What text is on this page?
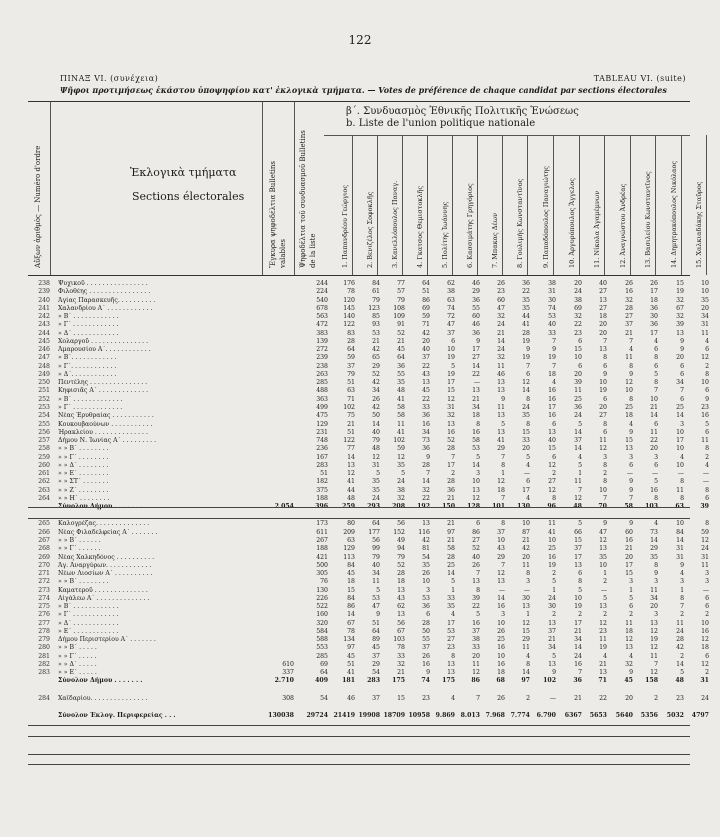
122
ΠΙΝΑΞ VI. (συνέχεια)	TABLEAU VI. (suite)
Ψῆφοι προτιμήσεως ἑκάστου ὑποψηφίου κατ' ἐκλογικὰ τμήματα. — Votes de préférence de chaque candidat par sections électorales
Αὔξων ἀριθμὸς — Numéro d'ordre	Ἐκλογικὰ τμήματα
Sections électorales	Ἔγκυρα ψηφοδέλτια Bulletins valables Ψηφοδέλτια τοῦ συνδυασμοῦ Bulletins de la liste
β΄. Συνδυασμὸς Ἐθνικῆς Πολιτικῆς Ἑνώσεως
b. Liste de l'union politique nationale
1. Παπανδρέου Γεώργιος	2. Βενιζέλος Σοφοκλῆς	3. Κανελλόπουλος Παναγ.	4. Γκατσος Θεμιστοκλῆς	5. Πολίτης Ἰωάννης	6. Κασσιμάτης Γρηγόριος	7. Μπακας Δέων	8. Γουλιμής Κωνσταντῖνος	9. Παπαδόπουλος Παναγιώτης	10. Ἀργυρόπουλος Ἄγγελος	11. Νίκολα Ἀγαμέμνων	12. Ἀναγνώστου Ἀνδρέας	13. Βασιλείου Κωνσταντῖνος	14. Δημητρακόπουλος Νικόλαος	15. Χαλκιαδάκης Σταῦρος
238 Ψυχικοῦ . . . . . . . . . . . . . . . .	244	176	84	77	64	62	46	26	36	38	20	40	26	26	15	10
239 Φιλοθέης . . . . . . . . . . . . . . . .	224	78	61	57	51	38	29	23	22	31	24	27	16	17	19	10
240 Ἁγίας Παρασκευῆς. . . . . . . . . .	540	120	79	79	86	63	36	60	35	30	38	13	32	18	32	35
241 Χαλανδρίου Α΄ . . . . . . . . . . . .	678	145	123	108	69	74	55	47	35	74	69	27	28	36	67	20
242 » Β΄ . . . . . . . . . . . .	563	140	85	109	59	72	60	32	44	53	32	18	27	30	32	34
243 » Γ΄ . . . . . . . . . . . .	472	122	93	91	71	47	46	24	41	40	22	20	37	36	39	31
244 » Δ΄ . . . . . . . . . . . .	383	83	53	52	42	37	36	21	28	33	23	20	21	17	13	11
245 Χολαργοῦ . . . . . . . . . . . . . . .	139	28	21	21	20	6	9	14	19	7	6	7	7	4	9	4
246 Ἀμαρουσίου Α΄. . . . . . . . . . . .	272	64	42	45	40	10	17	24	9	9	15	13	4	6	9	6
247 » Β΄. . . . . . . . . . . .	239	59	65	64	37	19	27	32	19	19	10	8	11	8	20	12
248 » Γ΄. . . . . . . . . . . .	238	37	29	36	22	5	14	11	7	7	6	6	8	6	6	2
249 » Δ΄. . . . . . . . . . . .	263	79	52	55	43	19	22	46	6	18	20	9	9	5	6	8
250 Πεντέλης . . . . . . . . . . . . . . .	285	51	42	35	13	17	—	13	12	4	39	10	12	8	34	10
251 Κηφισιᾶς Α΄ . . . . . . . . . . . . .	488	63	34	48	45	15	13	13	14	16	11	19	10	7	7	6
252 » Β΄ . . . . . . . . . . . . .	363	71	26	41	22	12	21	9	8	16	25	6	8	10	6	9
253 » Γ΄ . . . . . . . . . . . . .	499	102	42	58	33	31	34	11	24	17	36	20	25	21	25	23
254 Νέας Ἐρυθραίας . . . . . . . . . . .	475	75	50	58	36	32	18	13	35	16	24	27	18	14	14	16
255 Κουκουβαούνων . . . . . . . . . . .	129	21	14	11	16	13	8	5	8	6	5	8	4	6	3	5
256 Ἡρακλείου . . . . . . . . . . . . . .	231	51	40	41	34	16	16	13	15	13	14	6	9	11	10	6
257 Δήμου Ν. Ἰωνίας Α΄ . . . . . . . . .	748	122	79	102	73	52	58	41	33	40	37	11	15	22	17	11
258 » » Β΄ . . . . . . . .	236	77	48	59	36	28	53	29	20	15	14	12	13	20	10	8
259 » » Γ΄ . . . . . . . .	167	14	12	12	9	7	5	7	5	6	4	3	3	3	4	2
260 » » Δ΄ . . . . . . . .	283	13	31	35	28	17	14	8	4	12	5	8	6	6	10	4
261 » » Ε΄ . . . . . . . .	51	12	5	5	7	2	3	1	—	2	1	2	—	—	—	—
262 » » ΣΤ΄ . . . . . . .	182	41	35	24	14	28	10	12	6	27	11	8	9	5	8	—
263 » » Ζ΄ . . . . . . . .	375	44	35	38	32	36	13	18	17	12	7	10	9	16	11	8
264 » » Η΄ . . . . . . . .	188	48	24	32	22	21	12	7	4	8	12	7	7	8	8	6
Σύνολον Δήμου . . . . . . .	2.054	396	259	293	208	192	150	128	101	130	96	48	70	58	103	63	39
265 Καλογρέζας. . . . . . . . . . . . . .	173	80	64	56	13	21	6	8	10	11	5	9	9	4	10	8
266 Νέας Φιλαδελφείας Α΄ . . . . . . .	611	209	177	152	116	97	86	37	87	41	66	47	60	73	84	59
267 » » Β΄ . . . . . .	267	63	56	49	42	21	27	10	21	10	15	12	16	14	14	12
268 » » Γ΄ . . . . . .	188	129	99	94	81	58	52	43	42	25	37	13	21	29	31	24
269 Νέας Χαλκηδόνος . . . . . . . . . .	421	113	79	79	54	28	40	29	20	16	17	35	20	35	31	31
270 Ἁγ. Ἀναργύρων. . . . . . . . . . . .	500	84	40	52	35	25	26	7	11	19	13	10	17	8	9	11
271 Νέων Λιοσίων Α΄ . . . . . . . . . .	305	45	34	28	26	14	7	12	8	2	6	1	15	9	4	3
272 » » Β΄ . . . . . . . .	76	18	11	18	10	5	13	13	3	5	8	2	3	3	3	3
273 Καματεροῦ . . . . . . . . . . . . . .	130	15	5	13	3	1	8	—	—	1	5	—	1	11	1	—
274 Αἰγάλεω Α΄ . . . . . . . . . . . . . .	226	84	53	43	53	33	39	14	30	24	10	5	5	34	8	6
275 » Β΄ . . . . . . . . . . . .	522	86	47	62	36	35	22	16	13	30	19	13	6	20	7	6
276 » Γ΄ . . . . . . . . . . . .	160	14	9	13	6	4	5	3	1	2	2	2	2	3	2	2
277 » Δ΄ . . . . . . . . . . . .	320	67	51	56	28	17	16	10	12	13	17	12	11	13	11	10
278 » Ε΄ . . . . . . . . . . . .	584	78	64	67	50	53	37	26	15	37	21	23	18	12	24	16
279 Δήμου Περιστερίου Α΄ . . . . . . .	588	134	89	103	55	27	38	25	29	21	34	11	12	19	28	12
280 » » Β΄ . . . . .	553	97	45	78	37	23	33	16	11	34	14	19	13	12	42	18
281 » » Γ΄ . . . . .	285	45	37	33	26	8	20	10	4	5	24	4	4	11	2	6
282 » » Δ΄ . . . . .	610	69	51	29	32	16	13	11	16	8	13	16	21	32	7	14	12
283 » » Ε΄ . . . . .	337	64	41	54	21	9	13	12	18	14	9	7	13	9	12	5	2
Σύνολον Δήμου . . . . . . .	2.710	409	181	283	175	74	175	86	68	97	102	36	71	45	158	48	31
284 Χαϊδαρίου. . . . . . . . . . . . . . .	308	54	46	37	15	23	4	7	26	2	—	21	22	20	2	23	24
Σύνολον Ἐκλογ. Περιφερείας . . .	130038	29724 21419 19908 18709 10958 9.869 8.013 7.968 7.774	6.790	6367	5653	5640	5356	5032	4797
